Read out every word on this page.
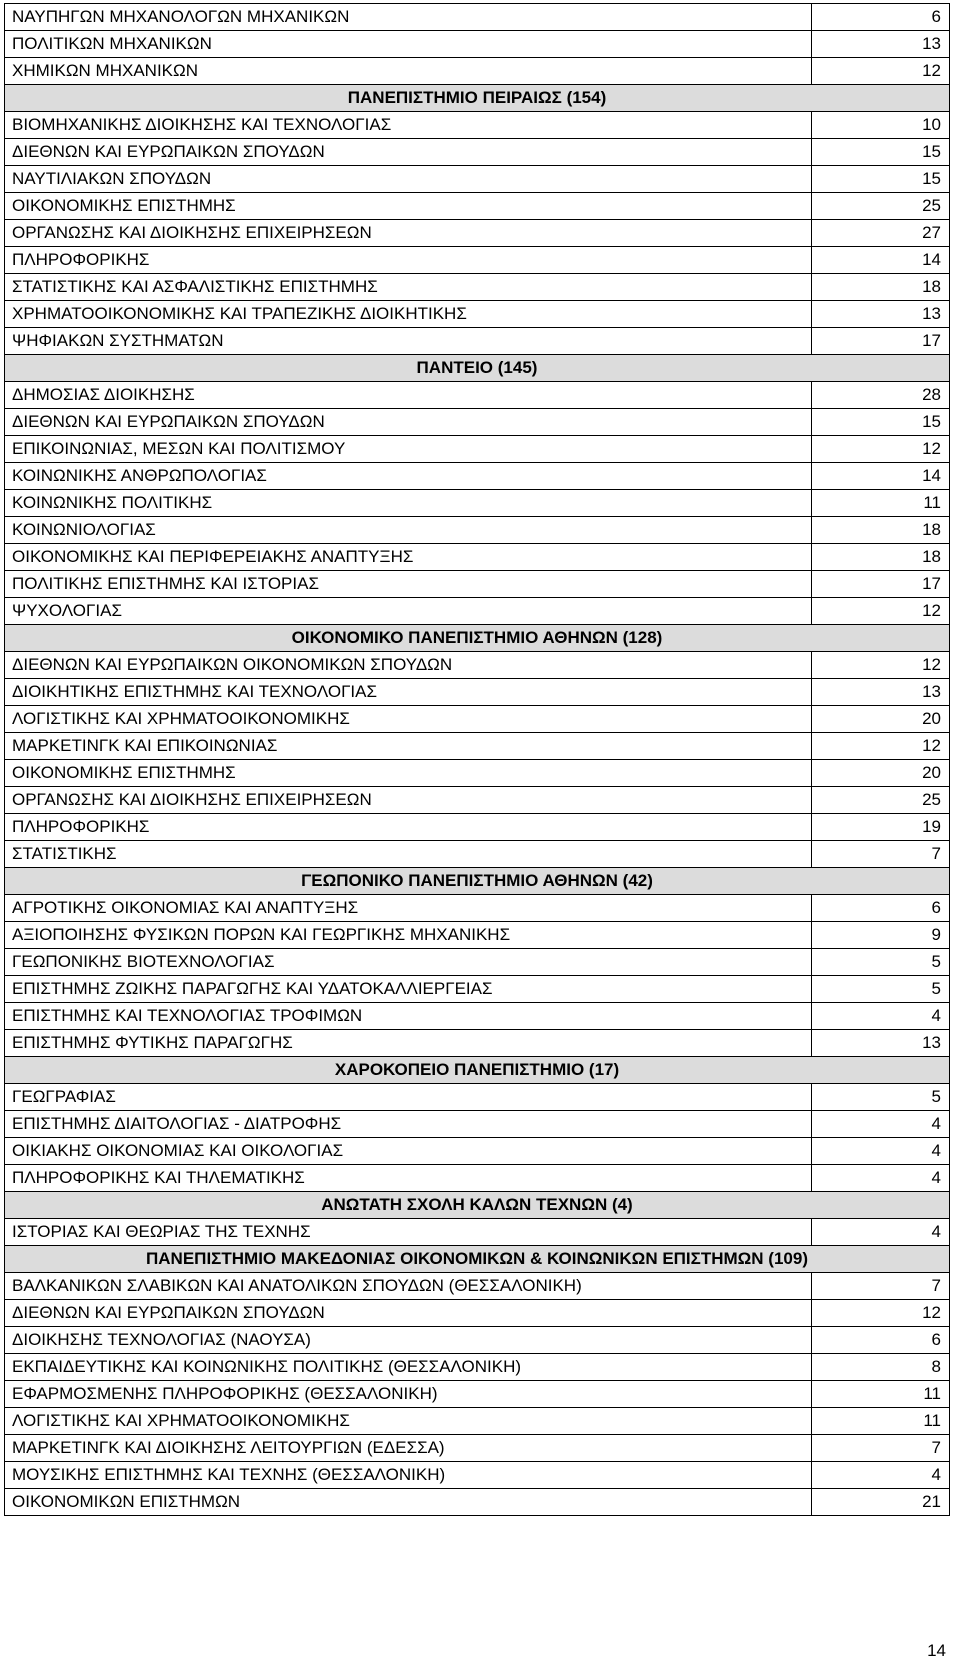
ΝΑΥΠΗΓΩΝ ΜΗΧΑΝΟΛΟΓΩΝ ΜΗΧΑΝΙΚΩΝ	6
ΠΟΛΙΤΙΚΩΝ ΜΗΧΑΝΙΚΩΝ	13
ΧΗΜΙΚΩΝ ΜΗΧΑΝΙΚΩΝ	12
ΠΑΝΕΠΙΣΤΗΜΙΟ ΠΕΙΡΑΙΩΣ (154)	
ΒΙΟΜΗΧΑΝΙΚΗΣ ΔΙΟΙΚΗΣΗΣ ΚΑΙ ΤΕΧΝΟΛΟΓΙΑΣ	10
ΔΙΕΘΝΩΝ ΚΑΙ ΕΥΡΩΠΑΙΚΩΝ ΣΠΟΥΔΩΝ	15
ΝΑΥΤΙΛΙΑΚΩΝ ΣΠΟΥΔΩΝ	15
ΟΙΚΟΝΟΜΙΚΗΣ ΕΠΙΣΤΗΜΗΣ	25
ΟΡΓΑΝΩΣΗΣ ΚΑΙ ΔΙΟΙΚΗΣΗΣ ΕΠΙΧΕΙΡΗΣΕΩΝ	27
ΠΛΗΡΟΦΟΡΙΚΗΣ	14
ΣΤΑΤΙΣΤΙΚΗΣ ΚΑΙ ΑΣΦΑΛΙΣΤΙΚΗΣ ΕΠΙΣΤΗΜΗΣ	18
ΧΡΗΜΑΤΟΟΙΚΟΝΟΜΙΚΗΣ ΚΑΙ ΤΡΑΠΕΖΙΚΗΣ ΔΙΟΙΚΗΤΙΚΗΣ	13
ΨΗΦΙΑΚΩΝ ΣΥΣΤΗΜΑΤΩΝ	17
ΠΑΝΤΕΙΟ (145)	
ΔΗΜΟΣΙΑΣ ΔΙΟΙΚΗΣΗΣ	28
ΔΙΕΘΝΩΝ ΚΑΙ ΕΥΡΩΠΑΙΚΩΝ ΣΠΟΥΔΩΝ	15
ΕΠΙΚΟΙΝΩΝΙΑΣ, ΜΕΣΩΝ ΚΑΙ ΠΟΛΙΤΙΣΜΟΥ	12
ΚΟΙΝΩΝΙΚΗΣ ΑΝΘΡΩΠΟΛΟΓΙΑΣ	14
ΚΟΙΝΩΝΙΚΗΣ ΠΟΛΙΤΙΚΗΣ	11
ΚΟΙΝΩΝΙΟΛΟΓΙΑΣ	18
ΟΙΚΟΝΟΜΙΚΗΣ ΚΑΙ ΠΕΡΙΦΕΡΕΙΑΚΗΣ ΑΝΑΠΤΥΞΗΣ	18
ΠΟΛΙΤΙΚΗΣ ΕΠΙΣΤΗΜΗΣ ΚΑΙ ΙΣΤΟΡΙΑΣ	17
ΨΥΧΟΛΟΓΙΑΣ	12
ΟΙΚΟΝΟΜΙΚΟ ΠΑΝΕΠΙΣΤΗΜΙΟ ΑΘΗΝΩΝ (128)	
ΔΙΕΘΝΩΝ ΚΑΙ ΕΥΡΩΠΑΙΚΩΝ ΟΙΚΟΝΟΜΙΚΩΝ ΣΠΟΥΔΩΝ	12
ΔΙΟΙΚΗΤΙΚΗΣ ΕΠΙΣΤΗΜΗΣ ΚΑΙ ΤΕΧΝΟΛΟΓΙΑΣ	13
ΛΟΓΙΣΤΙΚΗΣ ΚΑΙ ΧΡΗΜΑΤΟΟΙΚΟΝΟΜΙΚΗΣ	20
ΜΑΡΚΕΤΙΝΓΚ ΚΑΙ ΕΠΙΚΟΙΝΩΝΙΑΣ	12
ΟΙΚΟΝΟΜΙΚΗΣ ΕΠΙΣΤΗΜΗΣ	20
ΟΡΓΑΝΩΣΗΣ ΚΑΙ ΔΙΟΙΚΗΣΗΣ ΕΠΙΧΕΙΡΗΣΕΩΝ	25
ΠΛΗΡΟΦΟΡΙΚΗΣ	19
ΣΤΑΤΙΣΤΙΚΗΣ	7
ΓΕΩΠΟΝΙΚΟ ΠΑΝΕΠΙΣΤΗΜΙΟ ΑΘΗΝΩΝ (42)	
ΑΓΡΟΤΙΚΗΣ ΟΙΚΟΝΟΜΙΑΣ ΚΑΙ ΑΝΑΠΤΥΞΗΣ	6
ΑΞΙΟΠΟΙΗΣΗΣ ΦΥΣΙΚΩΝ ΠΟΡΩΝ ΚΑΙ ΓΕΩΡΓΙΚΗΣ ΜΗΧΑΝΙΚΗΣ	9
ΓΕΩΠΟΝΙΚΗΣ ΒΙΟΤΕΧΝΟΛΟΓΙΑΣ	5
ΕΠΙΣΤΗΜΗΣ ΖΩΙΚΗΣ ΠΑΡΑΓΩΓΗΣ ΚΑΙ ΥΔΑΤΟΚΑΛΛΙΕΡΓΕΙΑΣ	5
ΕΠΙΣΤΗΜΗΣ ΚΑΙ ΤΕΧΝΟΛΟΓΙΑΣ ΤΡΟΦΙΜΩΝ	4
ΕΠΙΣΤΗΜΗΣ ΦΥΤΙΚΗΣ ΠΑΡΑΓΩΓΗΣ	13
ΧΑΡΟΚΟΠΕΙΟ ΠΑΝΕΠΙΣΤΗΜΙΟ (17)	
ΓΕΩΓΡΑΦΙΑΣ	5
ΕΠΙΣΤΗΜΗΣ ΔΙΑΙΤΟΛΟΓΙΑΣ - ΔΙΑΤΡΟΦΗΣ	4
ΟΙΚΙΑΚΗΣ ΟΙΚΟΝΟΜΙΑΣ ΚΑΙ ΟΙΚΟΛΟΓΙΑΣ	4
ΠΛΗΡΟΦΟΡΙΚΗΣ ΚΑΙ ΤΗΛΕΜΑΤΙΚΗΣ	4
ΑΝΩΤΑΤΗ ΣΧΟΛΗ ΚΑΛΩΝ ΤΕΧΝΩΝ (4)	
ΙΣΤΟΡΙΑΣ ΚΑΙ ΘΕΩΡΙΑΣ ΤΗΣ ΤΕΧΝΗΣ	4
ΠΑΝΕΠΙΣΤΗΜΙΟ ΜΑΚΕΔΟΝΙΑΣ ΟΙΚΟΝΟΜΙΚΩΝ & ΚΟΙΝΩΝΙΚΩΝ ΕΠΙΣΤΗΜΩΝ (109)	
ΒΑΛΚΑΝΙΚΩΝ ΣΛΑΒΙΚΩΝ ΚΑΙ ΑΝΑΤΟΛΙΚΩΝ ΣΠΟΥΔΩΝ (ΘΕΣΣΑΛΟΝΙΚΗ)	7
ΔΙΕΘΝΩΝ ΚΑΙ ΕΥΡΩΠΑΙΚΩΝ ΣΠΟΥΔΩΝ	12
ΔΙΟΙΚΗΣΗΣ ΤΕΧΝΟΛΟΓΙΑΣ (ΝΑΟΥΣΑ)	6
ΕΚΠΑΙΔΕΥΤΙΚΗΣ ΚΑΙ ΚΟΙΝΩΝΙΚΗΣ ΠΟΛΙΤΙΚΗΣ (ΘΕΣΣΑΛΟΝΙΚΗ)	8
ΕΦΑΡΜΟΣΜΕΝΗΣ ΠΛΗΡΟΦΟΡΙΚΗΣ (ΘΕΣΣΑΛΟΝΙΚΗ)	11
ΛΟΓΙΣΤΙΚΗΣ ΚΑΙ ΧΡΗΜΑΤΟΟΙΚΟΝΟΜΙΚΗΣ	11
ΜΑΡΚΕΤΙΝΓΚ ΚΑΙ ΔΙΟΙΚΗΣΗΣ ΛΕΙΤΟΥΡΓΙΩΝ (ΕΔΕΣΣΑ)	7
ΜΟΥΣΙΚΗΣ ΕΠΙΣΤΗΜΗΣ ΚΑΙ ΤΕΧΝΗΣ (ΘΕΣΣΑΛΟΝΙΚΗ)	4
ΟΙΚΟΝΟΜΙΚΩΝ ΕΠΙΣΤΗΜΩΝ	21
14
